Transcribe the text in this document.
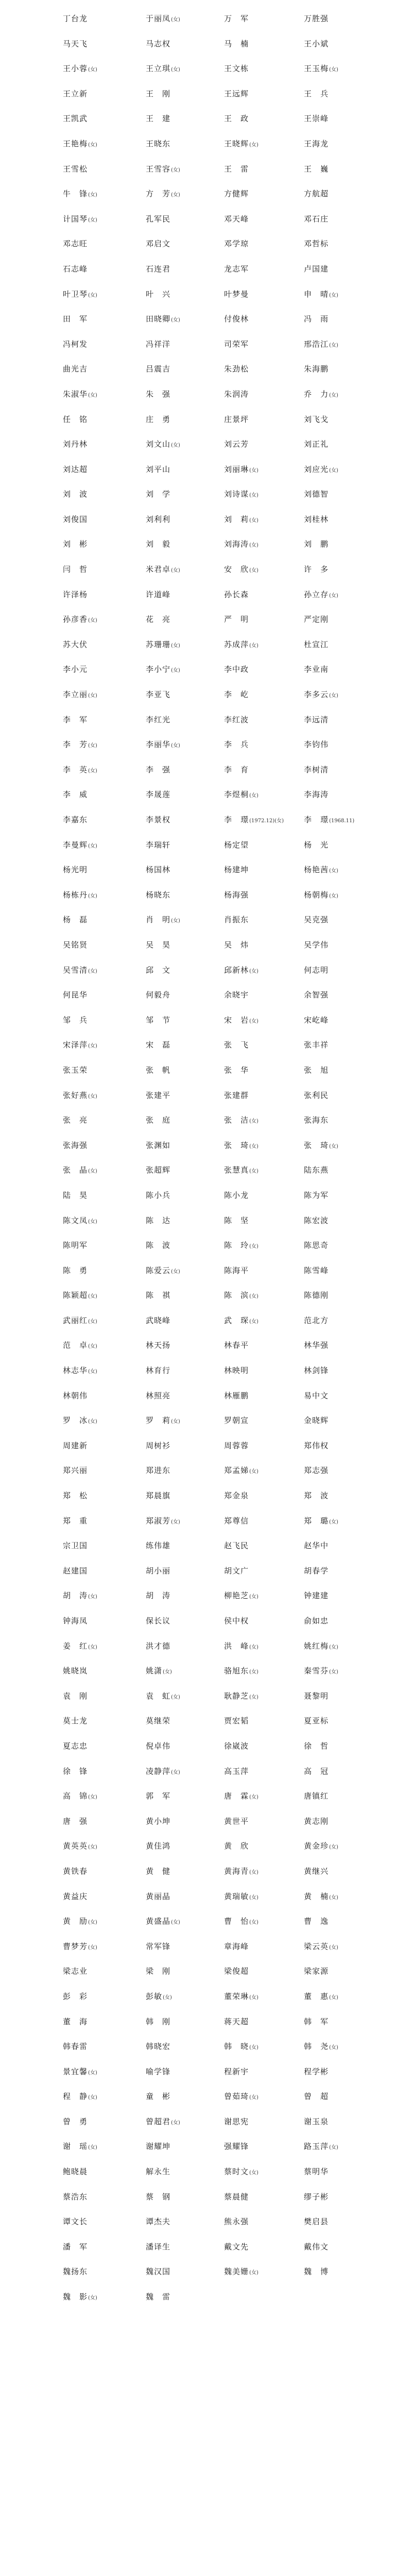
丁台龙	于丽凤(女)	万　军	万胜强
马天飞	马志权	马　楠	王小斌
王小蓉(女)	王立琪(女)	王文栋	王玉梅(女)
王立新	王　刚	王远辉	王　兵
王凯武	王　建	王　政	王崇峰
王艳梅(女)	王晓东	王晓辉(女)	王海龙
王雪松	王雪容(女)	王　雷	王　巍
牛　锋(女)	方　芳(女)	方健辉	方航超
计国琴(女)	孔军民	邓天峰	邓石庄
邓志旺	邓启文	邓学琼	邓哲标
石志峰	石连君	龙志军	卢国建
叶卫琴(女)	叶　兴	叶梦曼	申　晴(女)
田　军	田晓卿(女)	付俊林	冯　雨
冯柯发	冯祥洋	司荣军	邢浩江(女)
曲光吉	吕震吉	朱劲松	朱海鹏
朱淑华(女)	朱　强	朱润涛	乔　力(女)
任　铭	庄　勇	庄景坪	刘飞戈
刘丹林	刘文山(女)	刘云芳	刘正礼
刘达超	刘平山	刘丽琳(女)	刘应光(女)
刘　波	刘　学	刘诗谋(女)	刘德智
刘俊国	刘利利	刘　莉(女)	刘桂林
刘　彬	刘　毅	刘海涛(女)	刘　鹏
闫　哲	米君卓(女)	安　欣(女)	许　多
许泽杨	许道峰	孙长森	孙立存(女)
孙彦香(女)	花　亮	严　明	严定刚
苏大伏	苏珊珊(女)	苏成萍(女)	杜宣江
李小元	李小宁(女)	李中政	李业南
李立丽(女)	李亚飞	李　屹	李多云(女)
李　军	李红光	李红波	李远清
李　芳(女)	李丽华(女)	李　兵	李钧伟
李　英(女)	李　强	李　育	李树清
李　威	李晟莲	李煜桐(女)	李海涛
李嘉东	李景权	李　璟(1972.12)(女)	李　璟(1968.11)
李曼辉(女)	李瑞轩	杨定望	杨　光
杨光明	杨国林	杨建坤	杨艳茜(女)
杨栋丹(女)	杨晓东	杨海强	杨朝梅(女)
杨　磊	肖　明(女)	肖振东	吴克强
吴铭贤	吴　昊	吴　炜	吴学伟
吴雪清(女)	邱　文	邱新林(女)	何志明
何昆华	何毅舟	余晓宇	余智强
邹　兵	邹　节	宋　岩(女)	宋屹峰
宋泽萍(女)	宋　磊	张　飞	张丰祥
张玉荣	张　帆	张　华	张　旭
张好燕(女)	张建平	张建群	张利民
张　亮	张　庭	张　洁(女)	张海东
张海强	张渊如	张　琦(女)	张　琦(女)
张　晶(女)	张超辉	张慧真(女)	陆东燕
陆　昊	陈小兵	陈小龙	陈为军
陈文凤(女)	陈　达	陈　坚	陈宏波
陈明军	陈　波	陈　玲(女)	陈思奇
陈　勇	陈爱云(女)	陈海平	陈雪峰
陈颖超(女)	陈　祺	陈　滨(女)	陈德刚
武丽红(女)	武晓峰	武　琛(女)	范北方
范　卓(女)	林天扬	林春平	林华强
林志华(女)	林育行	林映明	林剑锋
林朝伟	林照亮	林雁鹏	易中文
罗　冰(女)	罗　莉(女)	罗朝宣	金晓辉
周建新	周树衫	周蓉蓉	郑伟权
郑兴丽	郑进东	郑孟娣(女)	郑志强
郑　松	郑晨旗	郑金泉	郑　波
郑　重	郑淑芳(女)	郑尊信	郑　璐(女)
宗卫国	练伟雄	赵飞民	赵华中
赵建国	胡小丽	胡文广	胡春学
胡　涛(女)	胡　涛	柳艳芝(女)	钟建建
钟海凤	保长议	侯中权	俞如忠
姜　红(女)	洪才德	洪　峰(女)	姚红梅(女)
姚晓岚	姚潇(女)	骆旭东(女)	秦雪芬(女)
袁　刚	袁　虹(女)	耿静芝(女)	聂黎明
莫士龙	莫继荣	贾宏韬	夏亚标
夏志忠	倪卓伟	徐崴波	徐　哲
徐　锋	凌静萍(女)	高玉萍	高　冠
高　锦(女)	郭　军	唐　霖(女)	唐镇红
唐　强	黄小坤	黄世平	黄志刚
黄英英(女)	黄佳鸿	黄　欣	黄金珍(女)
黄铁春	黄　健	黄海青(女)	黄继兴
黄益庆	黄丽晶	黄瑞敏(女)	黄　楠(女)
黄　励(女)	黄盛晶(女)	曹　怡(女)	曹　逸
曹梦芳(女)	常军锋	章海峰	梁云英(女)
梁志业	梁　刚	梁俊超	梁家源
彭　彩	彭敏(女)	董荣琳(女)	董　惠(女)
董　海	韩　刚	蒋天超	韩　军
韩春雷	韩晓宏	韩　晓(女)	韩　尧(女)
景宜馨(女)	喻学锋	程新宇	程学彬
程　静(女)	童　彬	曾茹琦(女)	曾　超
曾　勇	曾超君(女)	谢思宪	谢玉泉
谢　瑶(女)	谢耀坤	强耀锋	路玉萍(女)
鲍晓晨	解永生	蔡时文(女)	蔡明华
蔡浩东	蔡　钢	蔡晨健	缪子彬
谭文长	谭杰夫	熊永强	樊启县
潘　军	潘译生	戴文先	戴伟文
魏扬东	魏汉国	魏美姗(女)	魏　博
魏　影(女)	魏　雷
